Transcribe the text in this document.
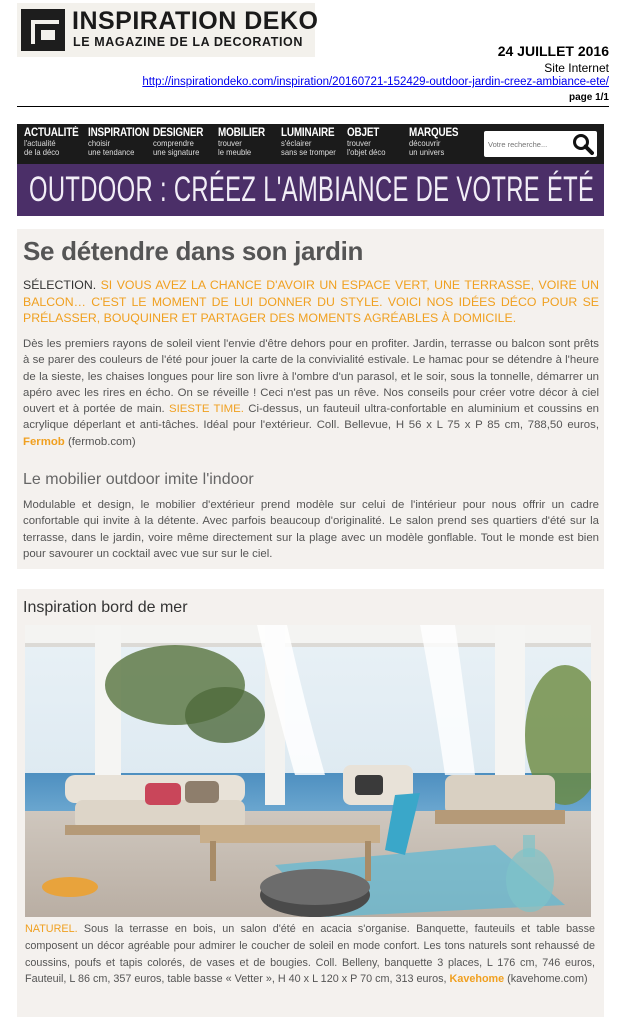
INSPIRATION DEKO
LE MAGAZINE DE LA DECORATION
24 JUILLET 2016
Site Internet
http://inspirationdeko.com/inspiration/20160721-152429-outdoor-jardin-creez-ambiance-ete/
page 1/1
ACTUALITÉ
l'actualité
de la déco
INSPIRATION
choisir
une tendance
DESIGNER
comprendre
une signature
MOBILIER
trouver
le meuble
LUMINAIRE
s'éclairer
sans se tromper
OBJET
trouver
l'objet déco
MARQUES
découvrir
un univers
Votre recherche...
OUTDOOR : CRÉEZ L'AMBIANCE DE VOTRE ÉTÉ
Se détendre dans son jardin
SÉLECTION. SI VOUS AVEZ LA CHANCE D'AVOIR UN ESPACE VERT, UNE TERRASSE, VOIRE UN BALCON… C'EST LE MOMENT DE LUI DONNER DU STYLE. VOICI NOS IDÉES DÉCO POUR SE PRÉLASSER, BOUQUINER ET PARTAGER DES MOMENTS AGRÉABLES À DOMICILE.
Dès les premiers rayons de soleil vient l'envie d'être dehors pour en profiter. Jardin, terrasse ou balcon sont prêts à se parer des couleurs de l'été pour jouer la carte de la convivialité estivale. Le hamac pour se détendre à l'heure de la sieste, les chaises longues pour lire son livre à l'ombre d'un parasol, et le soir, sous la tonnelle, démarrer un apéro avec les rires en écho. On se réveille ! Ceci n'est pas un rêve. Nos conseils pour créer votre décor à ciel ouvert et à portée de main. SIESTE TIME. Ci-dessus, un fauteuil ultra-confortable en aluminium et coussins en acrylique déperlant et anti-tâches. Idéal pour l'extérieur. Coll. Bellevue, H 56 x L 75 x P 85 cm, 788,50 euros, Fermob (fermob.com)
Le mobilier outdoor imite l'indoor
Modulable et design, le mobilier d'extérieur prend modèle sur celui de l'intérieur pour nous offrir un cadre confortable qui invite à la détente. Avec parfois beaucoup d'originalité. Le salon prend ses quartiers d'été sur la terrasse, dans le jardin, voire même directement sur la plage avec un modèle gonflable. Tout le monde est bien pour savourer un cocktail avec vue sur sur le ciel.
Inspiration bord de mer
NATUREL. Sous la terrasse en bois, un salon d'été en acacia s'organise. Banquette, fauteuils et table basse composent un décor agréable pour admirer le coucher de soleil en mode confort. Les tons naturels sont rehaussé de coussins, poufs et tapis colorés, de vases et de bougies. Coll. Belleny, banquette 3 places, L 176 cm, 746 euros, Fauteuil, L 86 cm, 357 euros, table basse « Vetter », H 40 x L 120 x P 70 cm, 313 euros, Kavehome (kavehome.com)
